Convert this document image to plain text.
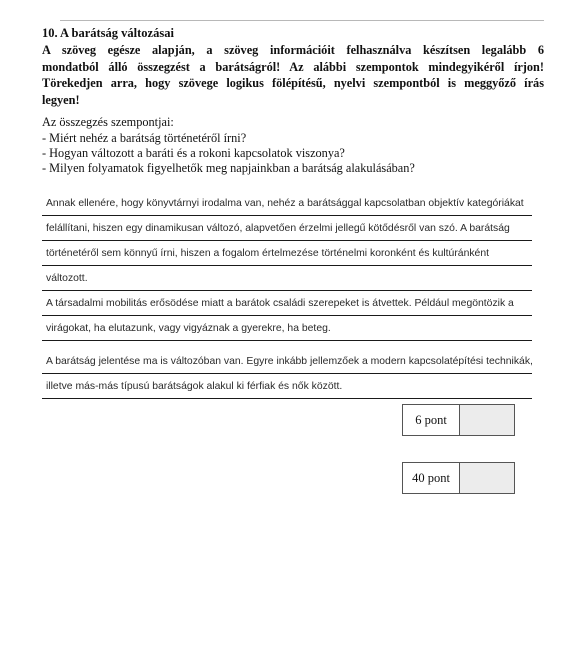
10. A barátság változásai

A szöveg egésze alapján, a szöveg információit felhasználva készítsen legalább 6
mondatból álló összegzést a barátságról! Az alábbi szempontok mindegyikéről írjon!
Törekedjen arra, hogy szövege logikus fölépítésű, nyelvi szempontból is meggyőző írás
legyen!

Az összegzés szempontjai:
- Miért nehéz a barátság történetéről írni?
- Hogyan változott a baráti és a rokoni kapcsolatok viszonya?
- Milyen folyamatok figyelhetők meg napjainkban a barátság alakulásában?
Annak ellenére, hogy könyvtárnyi irodalma van, nehéz a barátsággal kapcsolatban objektív kategóriákat
felállítani, hiszen egy dinamikusan változó, alapvetően érzelmi jellegű kötődésről van szó. A barátság
történetéről sem könnyű írni, hiszen a fogalom értelmezése történelmi koronként és kultúránként
változott.
A társadalmi mobilitás erősödése miatt a barátok családi szerepeket is átvettek. Például megöntözik a
virágokat, ha elutazunk, vagy vigyáznak a gyerekre, ha beteg.
A barátság jelentése ma is változóban van. Egyre inkább jellemzőek a modern kapcsolatépítési technikák,
illetve más-más típusú barátságok alakul ki férfiak és nők között.
6 pont
40 pont
